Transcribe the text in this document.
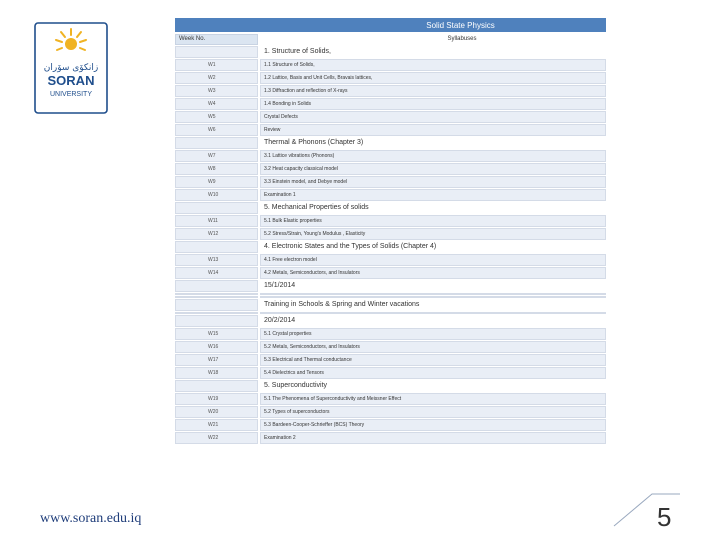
زانكۆی سۆران
SORAN
UNIVERSITY
Solid State Physics
Week No.	Syllabuses
1. Structure of Solids,
W1	1.1 Structure of Solids,
W2	1.2 Lattice, Basis and Unit Cells, Bravais lattices,
W3	1.3 Diffraction and reflection of X-rays
W4	1.4 Bonding in Solids
W5	Crystal Defects
W6	Review
Thermal & Phonons (Chapter 3)
W7	3.1 Lattice vibrations (Phonons)
W8	3.2 Heat capacity classical model
W9	3.3 Einstein model, and Debye model
W10	Examination 1
5. Mechanical Properties of solids
W11	5.1 Bulk Elastic properties
W12	5.2 Stress/Strain, Young's Modulus , Elasticity
4. Electronic States and the Types of Solids (Chapter 4)
W13	4.1 Free electron model
W14	4.2 Metals, Semiconductors, and Insulators
15/1/2014
Training in Schools & Spring and Winter vacations
20/2/2014
W15	5.1 Crystal properties
W16	5.2 Metals, Semiconductors, and Insulators
W17	5.3 Electrical and Thermal conductance
W18	5.4 Dielectrics and Tensors
5. Superconductivity
W19	5.1 The Phenomena of Superconductivity and Meissner Effect
W20	5.2 Types of superconductors
W21	5.3 Bardeen-Cooper-Schrieffer (BCS) Theory
W22	Examination 2
www.soran.edu.iq	5
